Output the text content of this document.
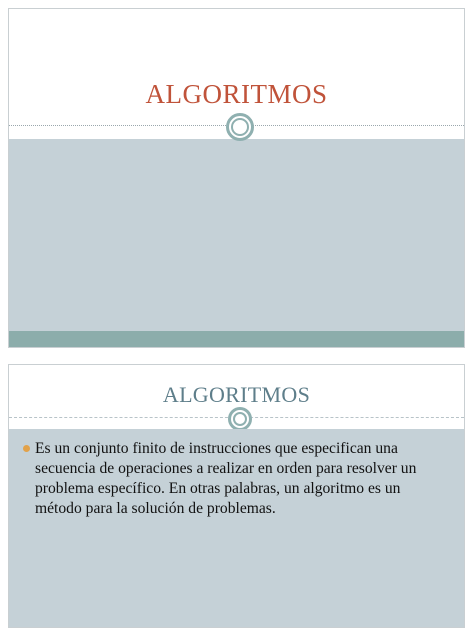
ALGORITMOS
ALGORITMOS

Es un conjunto finito de instrucciones que especifican una secuencia de operaciones a realizar en orden para resolver un problema específico. En otras palabras, un algoritmo es un método para la solución de problemas.
